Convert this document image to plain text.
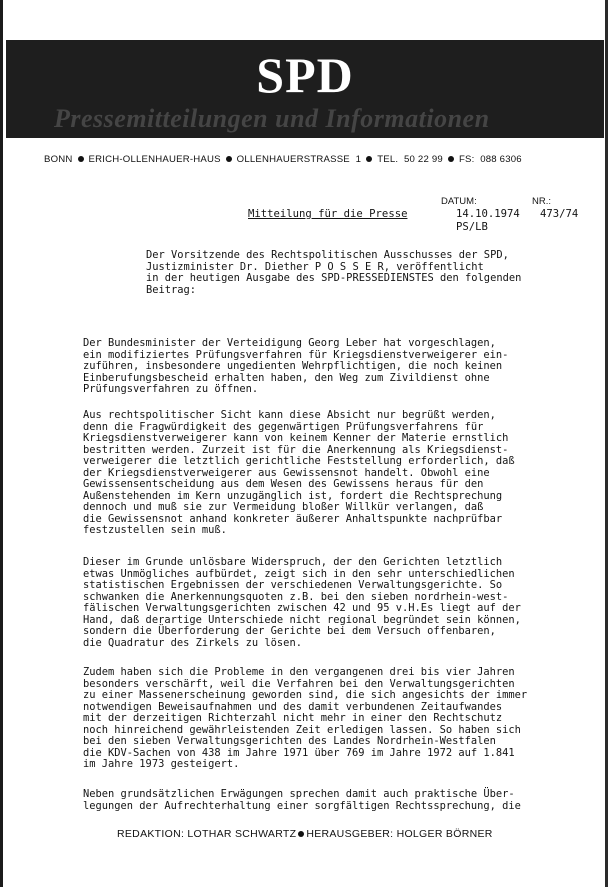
SPD
Pressemitteilungen und Informationen
BONN ERICH-OLLENHAUER-HAUS OLLENHAUERSTRASSE 1 TEL. 50 22 99 FS: 088 6306
DATUM:	NR.:
Mitteilung für die Presse	14.10.1974 473/74
PS/LB
Der Vorsitzende des Rechtspolitischen Ausschusses der SPD,
Justizminister Dr. Diether P O S S E R, veröffentlicht
in der heutigen Ausgabe des SPD-PRESSEDIENSTES den folgenden
Beitrag:
Der Bundesminister der Verteidigung Georg Leber hat vorgeschlagen,
ein modifiziertes Prüfungsverfahren für Kriegsdienstverweigerer ein-
zuführen, insbesondere ungedienten Wehrpflichtigen, die noch keinen
Einberufungsbescheid erhalten haben, den Weg zum Zivildienst ohne
Prüfungsverfahren zu öffnen.
Aus rechtspolitischer Sicht kann diese Absicht nur begrüßt werden,
denn die Fragwürdigkeit des gegenwärtigen Prüfungsverfahrens für
Kriegsdienstverweigerer kann von keinem Kenner der Materie ernstlich
bestritten werden. Zurzeit ist für die Anerkennung als Kriegsdienst-
verweigerer die letztlich gerichtliche Feststellung erforderlich, daß
der Kriegsdienstverweigerer aus Gewissensnot handelt. Obwohl eine
Gewissensentscheidung aus dem Wesen des Gewissens heraus für den
Außenstehenden im Kern unzugänglich ist, fordert die Rechtsprechung
dennoch und muß sie zur Vermeidung bloßer Willkür verlangen, daß
die Gewissensnot anhand konkreter äußerer Anhaltspunkte nachprüfbar
festzustellen sein muß.
Dieser im Grunde unlösbare Widerspruch, der den Gerichten letztlich
etwas Unmögliches aufbürdet, zeigt sich in den sehr unterschiedlichen
statistischen Ergebnissen der verschiedenen Verwaltungsgerichte. So
schwanken die Anerkennungsquoten z.B. bei den sieben nordrhein-west-
fälischen Verwaltungsgerichten zwischen 42 und 95 v.H.Es liegt auf der
Hand, daß derartige Unterschiede nicht regional begründet sein können,
sondern die Überforderung der Gerichte bei dem Versuch offenbaren,
die Quadratur des Zirkels zu lösen.
Zudem haben sich die Probleme in den vergangenen drei bis vier Jahren
besonders verschärft, weil die Verfahren bei den Verwaltungsgerichten
zu einer Massenerscheinung geworden sind, die sich angesichts der immer
notwendigen Beweisaufnahmen und des damit verbundenen Zeitaufwandes
mit der derzeitigen Richterzahl nicht mehr in einer den Rechtschutz
noch hinreichend gewährleistenden Zeit erledigen lassen. So haben sich
bei den sieben Verwaltungsgerichten des Landes Nordrhein-Westfalen
die KDV-Sachen von 438 im Jahre 1971 über 769 im Jahre 1972 auf 1.841
im Jahre 1973 gesteigert.
Neben grundsätzlichen Erwägungen sprechen damit auch praktische Über-
legungen der Aufrechterhaltung einer sorgfältigen Rechtssprechung, die
REDAKTION: LOTHAR SCHWARTZ HERAUSGEBER: HOLGER BÖRNER
